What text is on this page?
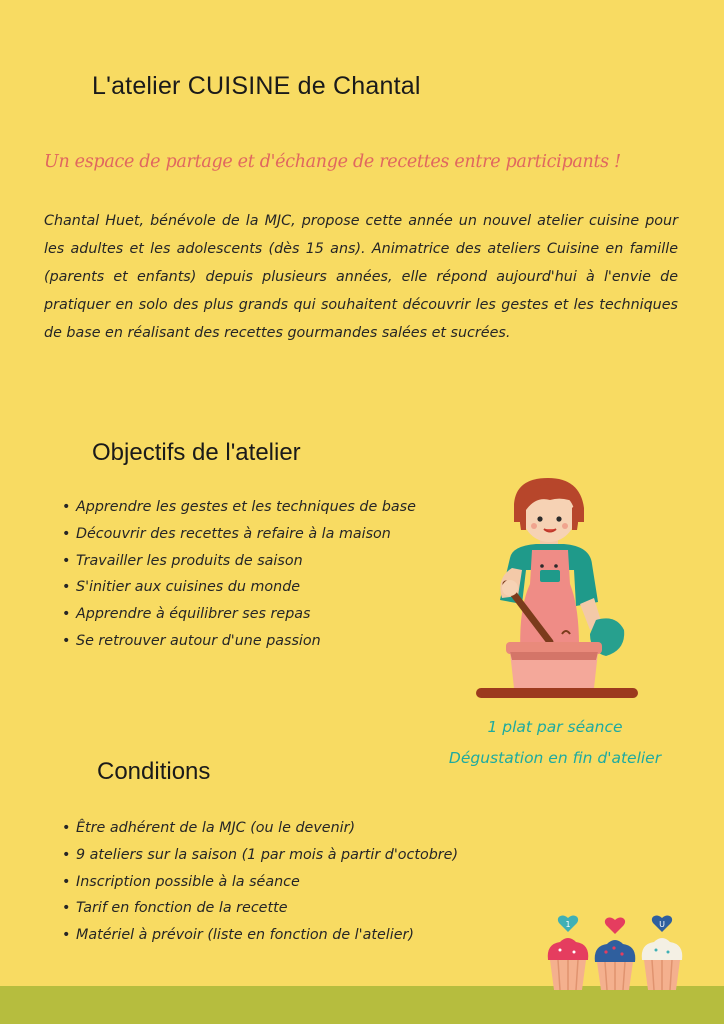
L'atelier CUISINE de Chantal

Un espace de partage et d'échange de recettes entre participants !

Chantal Huet, bénévole de la MJC, propose cette année un nouvel atelier cuisine pour les adultes et les adolescents (dès 15 ans). Animatrice des ateliers Cuisine en famille (parents et enfants) depuis plusieurs années, elle répond aujourd'hui à l'envie de pratiquer en solo des plus grands qui souhaitent découvrir les gestes et les techniques de base en réalisant des recettes gourmandes salées et sucrées.

Objectifs de l'atelier
• Apprendre les gestes et les techniques de base
• Découvrir des recettes à refaire à la maison
• Travailler les produits de saison
• S'initier aux cuisines du monde
• Apprendre à équilibrer ses repas
• Se retrouver autour d'une passion

1 plat par séance

Dégustation en fin d'atelier

Conditions
• Être adhérent de la MJC (ou le devenir)
• 9 ateliers sur la saison (1 par mois à partir d'octobre)
• Inscription possible à la séance
• Tarif en fonction de la recette
• Matériel à prévoir (liste en fonction de l'atelier)
1	U
